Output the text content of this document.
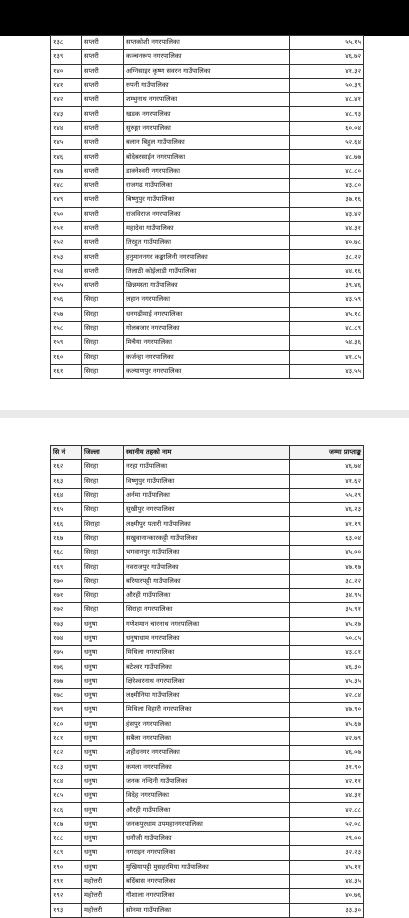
१३८	सप्तरी	सप्तकोशी नगरपालिका	५५.१५
१३९	सप्तरी	कञ्चनरूप नगरपालिका	४६.७२
१४०	सप्तरी	अग्निसाइर कृष्ण सवरन गाउँपालिका	४१.३२
१४१	सप्तरी	रुपनी गाउँपालिका	५०.३९
१४२	सप्तरी	शम्भुनाथ नगरपालिका	४८.४१
१४३	सप्तरी	खडक नगरपालिका	४८.९३
१४४	सप्तरी	सुरुङ्गा नगरपालिका	६०.०४
१४५	सप्तरी	बलान बिहुल गाउँपालिका	५२.६४
१४६	सप्तरी	बोदेबरसाईन नगरपालिका	४८.७७
१४७	सप्तरी	डाक्नेश्वरी नगरपालिका	४८.८०
१४८	सप्तरी	राजगढ गाउँपालिका	४३.८०
१४९	सप्तरी	बिष्णुपुर गाउँपालिका	३७.१६
१५०	सप्तरी	राजविराज नगरपालिका	४३.४२
१५१	सप्तरी	महादेवा गाउँपालिका	४४.३१
१५२	सप्तरी	तिरहुत गाउँपालिका	४०.७८
१५३	सप्तरी	हनुमाननगर कङ्कालिनी नगरपालिका	३८.२२
१५४	सप्तरी	तिलाठी कोईलाडी गाउँपालिका	४४.१६
१५५	सप्तरी	छिन्नमस्ता गाउँपालिका	३९.४६
१५६	सिरहा	लहान नगरपालिका	४३.५९
१५७	सिरहा	धनगढीमाई नगरपालिका	४५.१८
१५८	सिरहा	गोलबजार नगरपालिका	४८.८९
१५९	सिरहा	मिचैया नगरपालिका	५४.३६
१६०	सिरहा	कर्जन्हा नगरपालिका	४१.८५
१६१	सिरहा	कल्याणपुर नगरपालिका	४३.५५
सि नं	जिल्ला	स्थानीय तहको नाम	जम्मा प्राप्ताङ्क
१६२	सिरहा	नरहा गाउँपालिका	४६.७४
१६३	सिरहा	विष्णुपुर गाउँपालिका	४१.६२
१६४	सिरहा	अर्नमा गाउँपालिका	५५.२९
१६५	सिरहा	सुखीपुर नगरपालिका	४६.२३
१६६	सिराहा	लक्ष्मीपुर पतारी गाउँपालिका	४१.१९
१६७	सिरहा	सखुवानान्कारकट्टी गाउँपालिका	६३.०४
१६८	सिरहा	भगवानपुर गाउँपालिका	४५.००
१६९	सिरहा	नवराजपुर गाउँपालिका	४७.१७
१७०	सिरहा	बरियारपट्टी गाउँपालिका	३८.२२
१७१	सिरहा	औरही गाउँपालिका	३४.९५
१७२	सिरहा	सिराहा नगरपालिका	३५.९१
१७३	धनुषा	गणेशमान चारनाथ नगरपालिका	४५.२७
१७४	धनुषा	धनुषाधाम नगरपालिका	५०.८५
१७५	धनुषा	मिथिला नगरपालिका	४३.८१
१७६	धनुषा	बटेश्वर गाउँपालिका	४६.३०
१७७	धनुषा	क्षिरेश्वरनाथ नगरपालिका	४५.३५
१७८	धनुषा	लक्ष्मीनिया गाउँपालिका	४२.८४
१७९	धनुषा	मिथिला विहारी नगरपालिका	४७.९०
१८०	धनुषा	हंसपुर नगरपालिका	४५.६७
१८१	धनुषा	सबैला नगरपालिका	४२.७९
१८२	धनुषा	शहीदनगर नगरपालिका	४६.०७
१८३	धनुषा	कमला नगरपालिका	३१.९०
१८४	धनुषा	जनक नन्दिनी गाउँपालिका	४२.११
१८५	धनुषा	विदेह नगरपालिका	४४.३१
१८६	धनुषा	औरही गाउँपालिका	४२.८८
१८७	धनुषा	जनकपुरधाम उपमहानगरपालिका	५२.०८
१८८	धनुषा	धनौजी गाउँपालिका	२९.००
१८९	धनुषा	नगराइन नगरपालिका	३२.२३
१९०	धनुषा	मुखियापट्टी मुसहरमिया गाउँपालिका	४५.११
१९१	महोत्तरी	बर्दिबास नगरपालिका	४४.३५
१९२	महोत्तरी	गौशाला नगरपालिका	४०.७६
१९३	महोत्तरी	सोनमा गाउँपालिका	३३.३०
